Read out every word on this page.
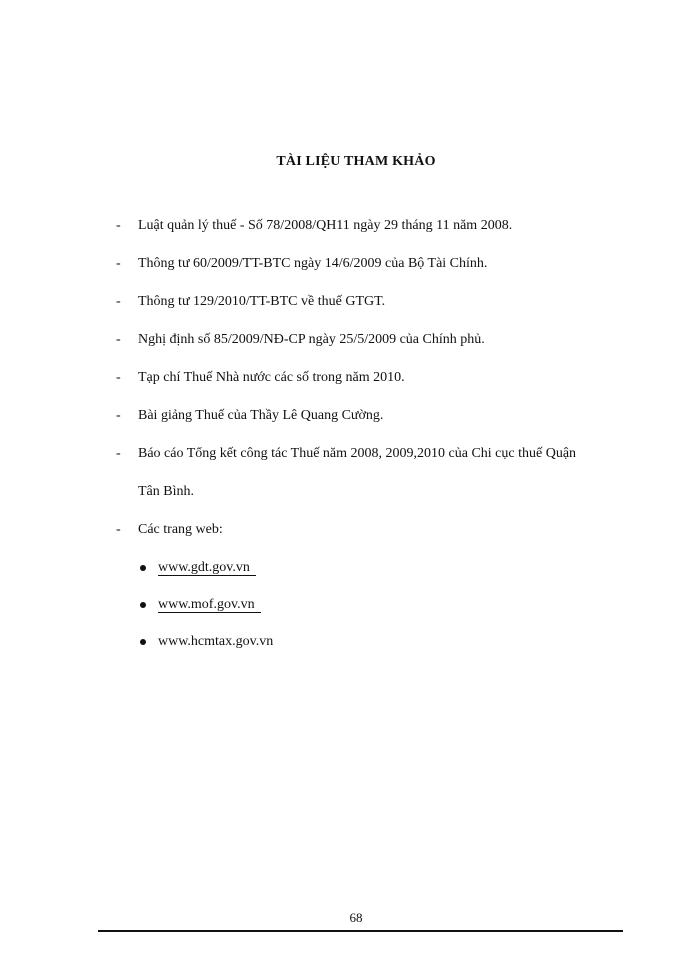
TÀI LIỆU THAM KHẢO
- Luật quản lý thuế - Số 78/2008/QH11 ngày 29 tháng 11 năm 2008.
- Thông tư 60/2009/TT-BTC ngày 14/6/2009 của Bộ Tài Chính.
- Thông tư 129/2010/TT-BTC về thuế GTGT.
- Nghị định số 85/2009/NĐ-CP ngày 25/5/2009 của Chính phủ.
- Tạp chí Thuế Nhà nước các số trong năm 2010.
- Bài giảng Thuế của Thầy Lê Quang Cường.
- Báo cáo Tổng kết công tác Thuế năm 2008, 2009,2010 của Chi cục thuế Quận
Tân Bình.
- Các trang web:
www.gdt.gov.vn
www.mof.gov.vn
www.hcmtax.gov.vn
68
